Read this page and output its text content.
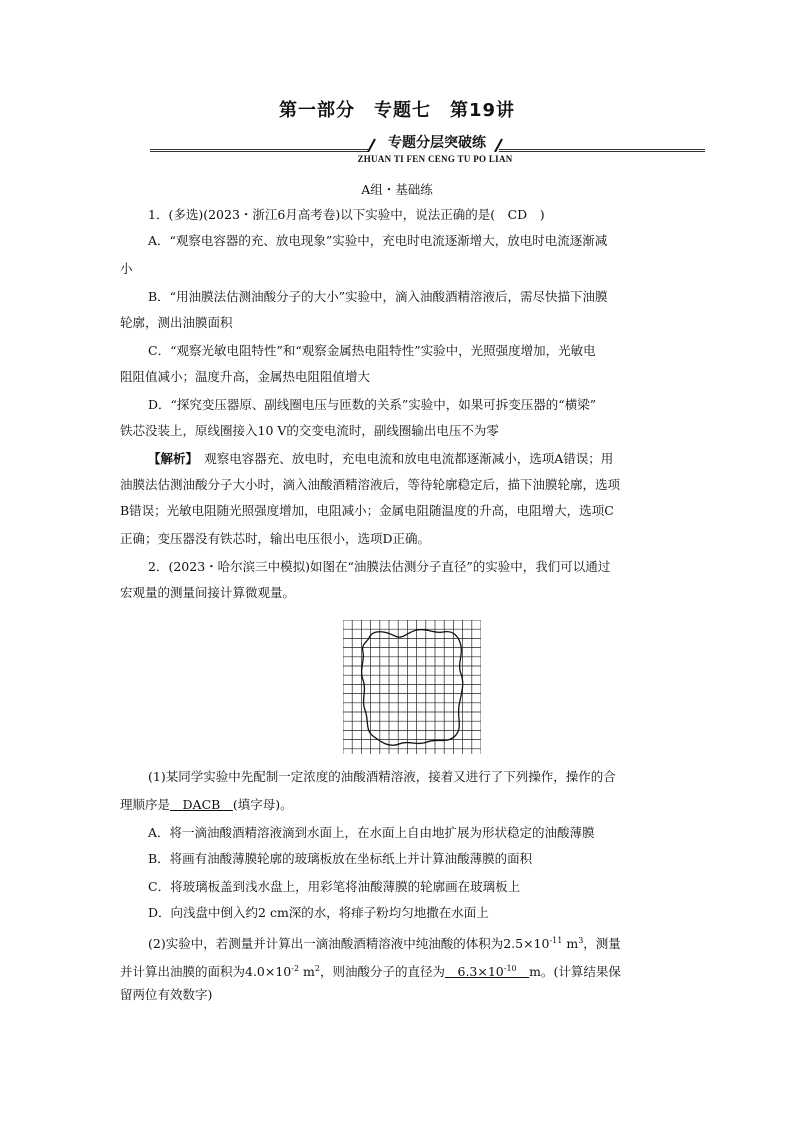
第一部分　专题七　第19讲
专题分层突破练
ZHUAN TI FEN CENG TU PO LIAN
A组・基础练
1．(多选)(2023・浙江6月高考卷)以下实验中，说法正确的是(　CD　)
A．“观察电容器的充、放电现象”实验中，充电时电流逐渐增大，放电时电流逐渐减
小
B．“用油膜法估测油酸分子的大小”实验中，滴入油酸酒精溶液后，需尽快描下油膜
轮廓，测出油膜面积
C．“观察光敏电阻特性”和“观察金属热电阻特性”实验中，光照强度增加，光敏电
阻阻值减小；温度升高，金属热电阻阻值增大
D．“探究变压器原、副线圈电压与匝数的关系”实验中，如果可拆变压器的“横梁”
铁芯没装上，原线圈接入10 V的交变电流时，副线圈输出电压不为零
【解析】　观察电容器充、放电时，充电电流和放电电流都逐渐减小，选项A错误；用
油膜法估测油酸分子大小时，滴入油酸酒精溶液后，等待轮廓稳定后，描下油膜轮廓，选项
B错误；光敏电阻随光照强度增加，电阻减小；金属电阻随温度的升高，电阻增大，选项C
正确；变压器没有铁芯时，输出电压很小，选项D正确。
2．(2023・哈尔滨三中模拟)如图在“油膜法估测分子直径”的实验中，我们可以通过
宏观量的测量间接计算微观量。
(1)某同学实验中先配制一定浓度的油酸酒精溶液，接着又进行了下列操作，操作的合
理顺序是　DACB　(填字母)。
A．将一滴油酸酒精溶液滴到水面上，在水面上自由地扩展为形状稳定的油酸薄膜
B．将画有油酸薄膜轮廓的玻璃板放在坐标纸上并计算油酸薄膜的面积
C．将玻璃板盖到浅水盘上，用彩笔将油酸薄膜的轮廓画在玻璃板上
D．向浅盘中倒入约2 cm深的水，将痱子粉均匀地撒在水面上
(2)实验中，若测量并计算出一滴油酸酒精溶液中纯油酸的体积为$2.5\times 10^{-11}$ $m^3$，测量
并计算出油膜的面积为$4.0\times 10^{-2}$ $m^2$，则油酸分子的直径为　$6.3\times 10^{-10}$　 m。(计算结果保
留两位有效数字)
